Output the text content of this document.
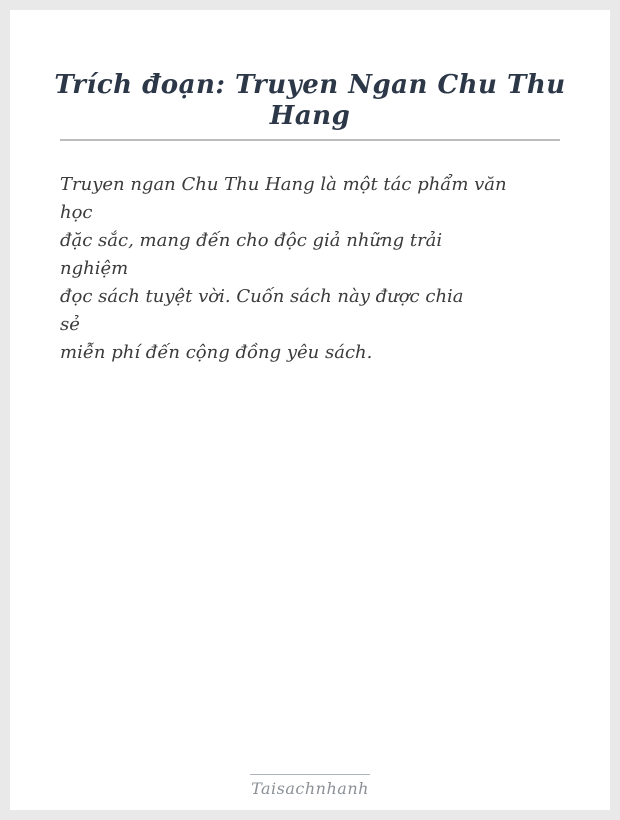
Trích đoạn: Truyen Ngan Chu Thu Hang

Truyen ngan Chu Thu Hang là một tác phẩm văn

học

đặc sắc, mang đến cho độc giả những trải

nghiệm

đọc sách tuyệt vời. Cuốn sách này được chia

sẻ

miễn phí đến cộng đồng yêu sách.

Taisachnhanh
